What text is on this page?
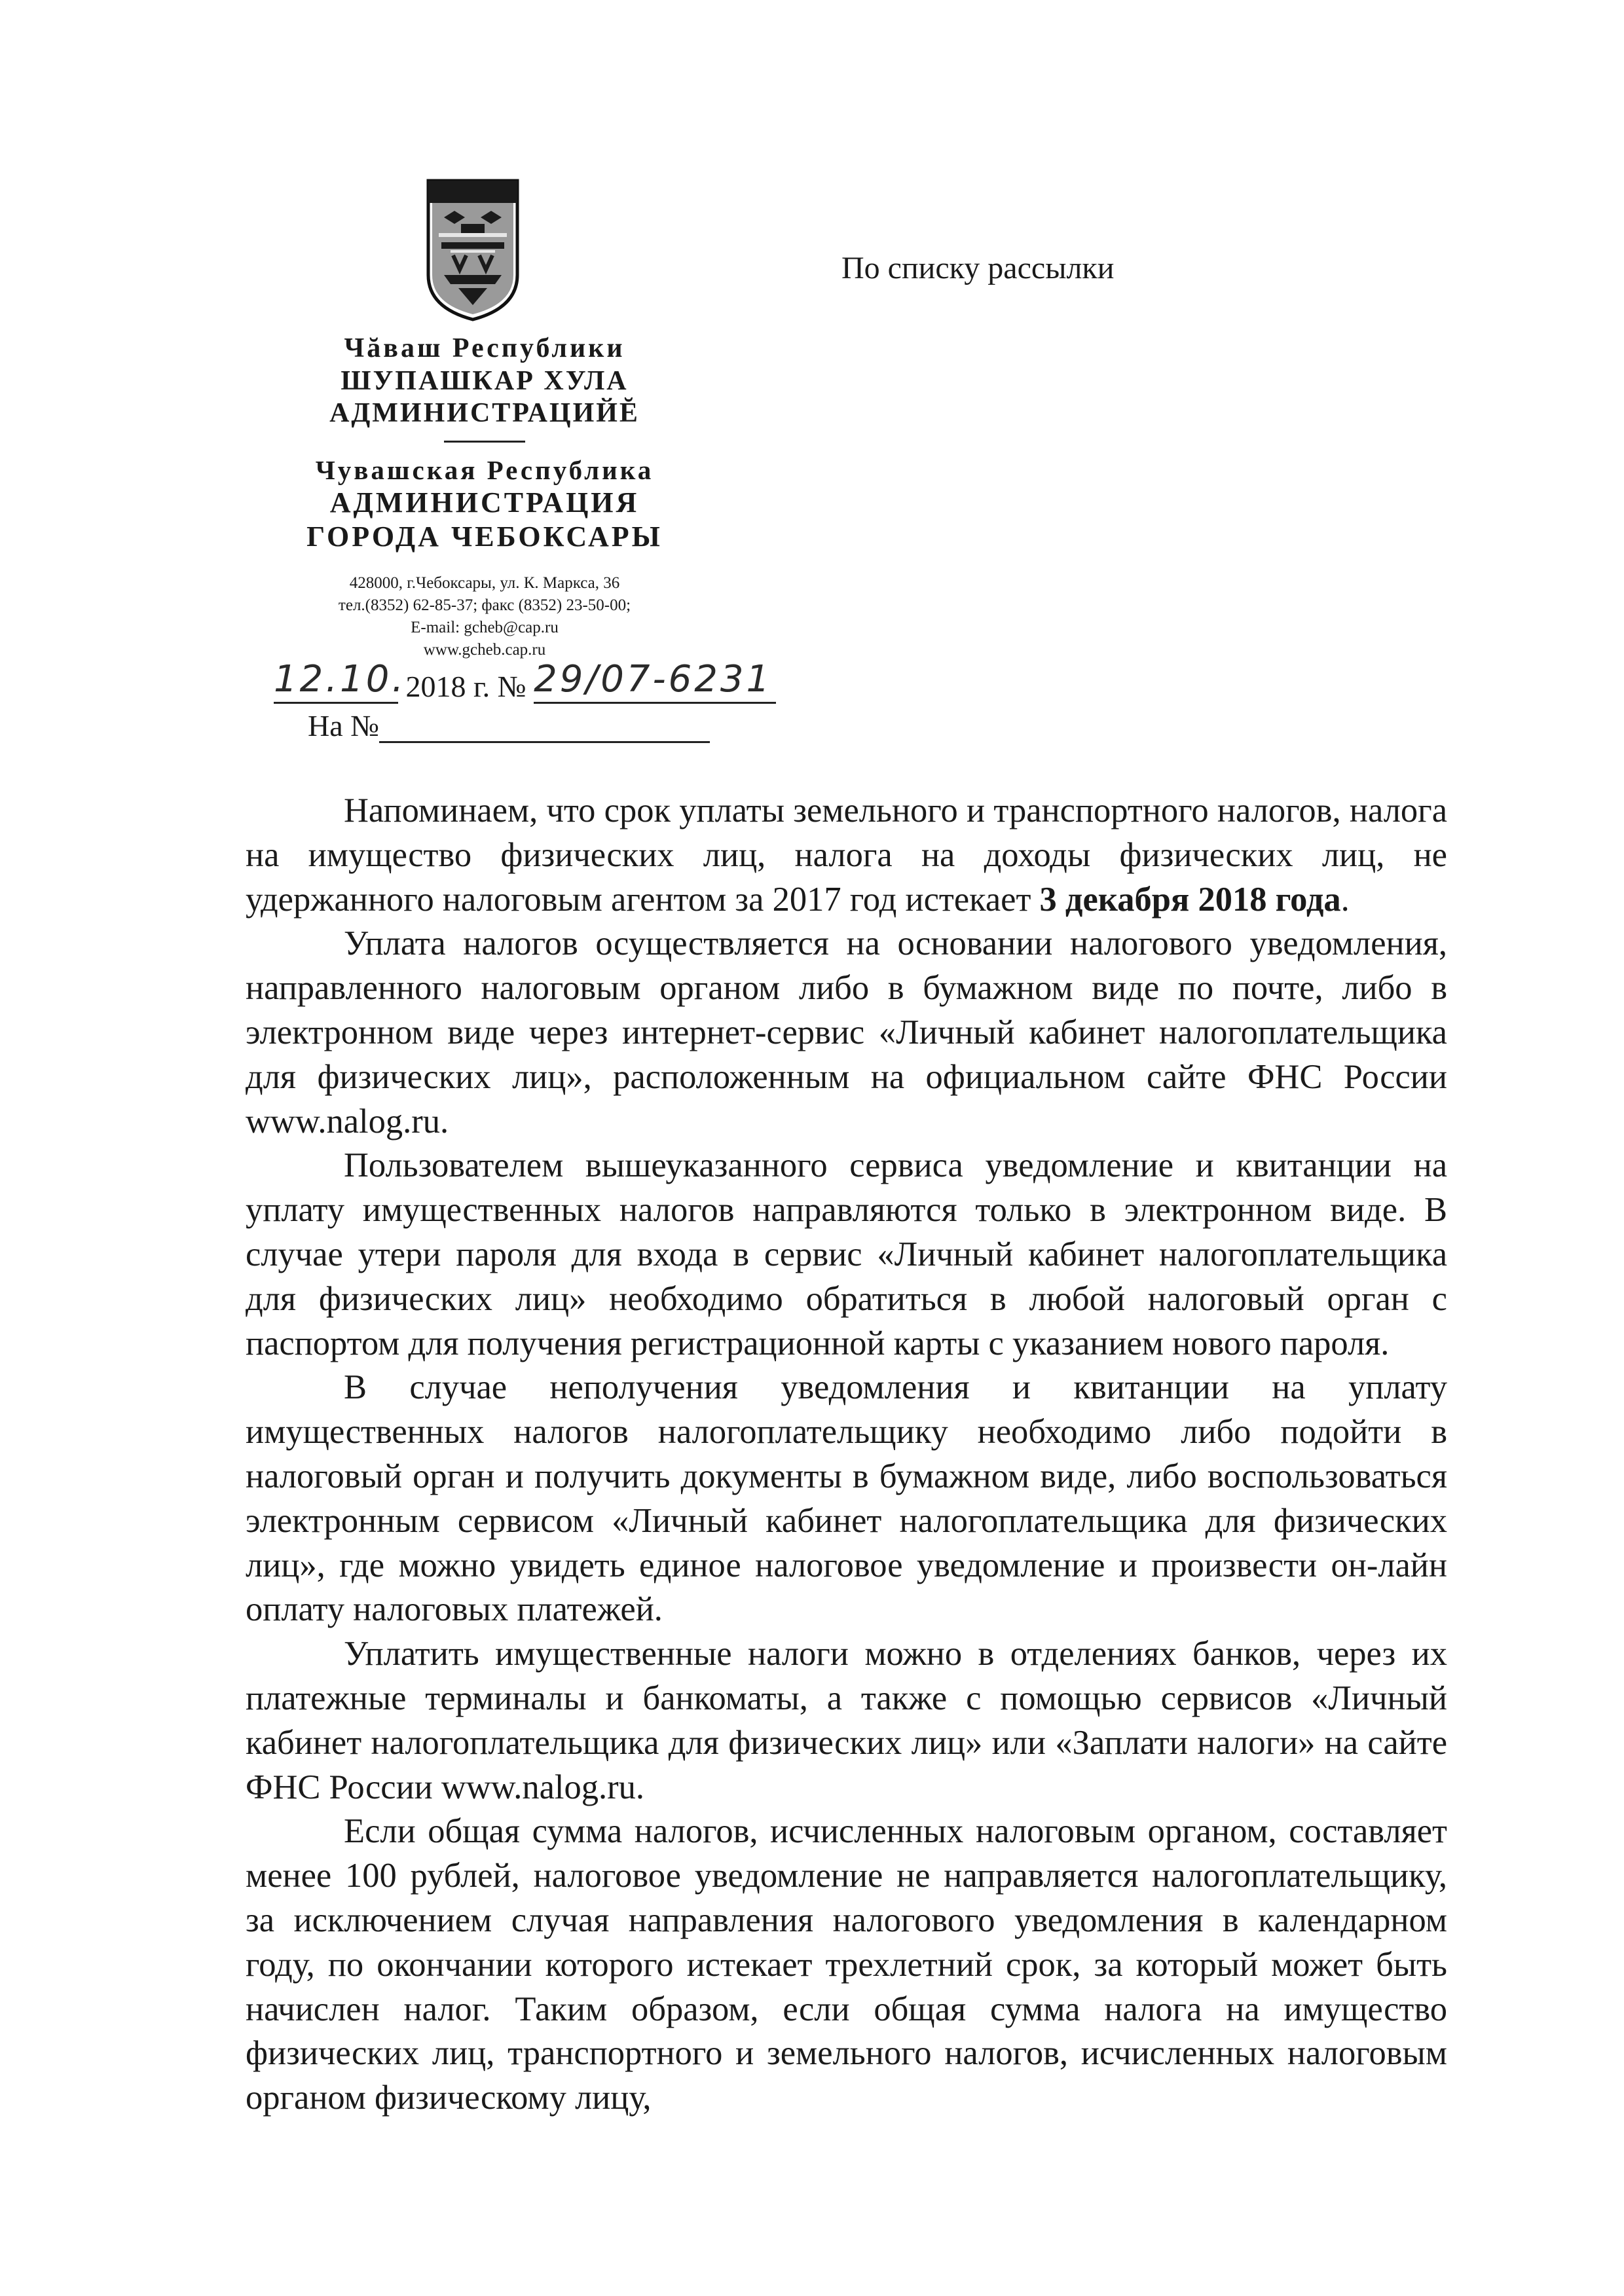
Чăваш Республики
ШУПАШКАР ХУЛА
АДМИНИСТРАЦИЙĔ
Чувашская Республика
АДМИНИСТРАЦИЯ
ГОРОДА ЧЕБОКСАРЫ
428000, г.Чебоксары, ул. К. Маркса, 36
тел.(8352) 62-85-37; факс (8352) 23-50-00;
E-mail: gcheb@cap.ru
www.gcheb.cap.ru
По списку рассылки
12.10. 2018 г. № 29/07-6231
На №

Напоминаем, что срок уплаты земельного и транспортного налогов, налога на имущество физических лиц, налога на доходы физических лиц, не удержанного налоговым агентом за 2017 год истекает 3 декабря 2018 года.

Уплата налогов осуществляется на основании налогового уведомления, направленного налоговым органом либо в бумажном виде по почте, либо в электронном виде через интернет-сервис «Личный кабинет налогоплательщика для физических лиц», расположенным на официальном сайте ФНС России www.nalog.ru.

Пользователем вышеуказанного сервиса уведомление и квитанции на уплату имущественных налогов направляются только в электронном виде. В случае утери пароля для входа в сервис «Личный кабинет налогоплательщика для физических лиц» необходимо обратиться в любой налоговый орган с паспортом для получения регистрационной карты с указанием нового пароля.

В случае неполучения уведомления и квитанции на уплату имущественных налогов налогоплательщику необходимо либо подойти в налоговый орган и получить документы в бумажном виде, либо воспользоваться электронным сервисом «Личный кабинет налогоплательщика для физических лиц», где можно увидеть единое налоговое уведомление и произвести он-лайн оплату налоговых платежей.

Уплатить имущественные налоги можно в отделениях банков, через их платежные терминалы и банкоматы, а также с помощью сервисов «Личный кабинет налогоплательщика для физических лиц» или «Заплати налоги» на сайте ФНС России www.nalog.ru.

Если общая сумма налогов, исчисленных налоговым органом, составляет менее 100 рублей, налоговое уведомление не направляется налогоплательщику, за исключением случая направления налогового уведомления в календарном году, по окончании которого истекает трехлетний срок, за который может быть начислен налог. Таким образом, если общая сумма налога на имущество физических лиц, транспортного и земельного налогов, исчисленных налоговым органом физическому лицу,
